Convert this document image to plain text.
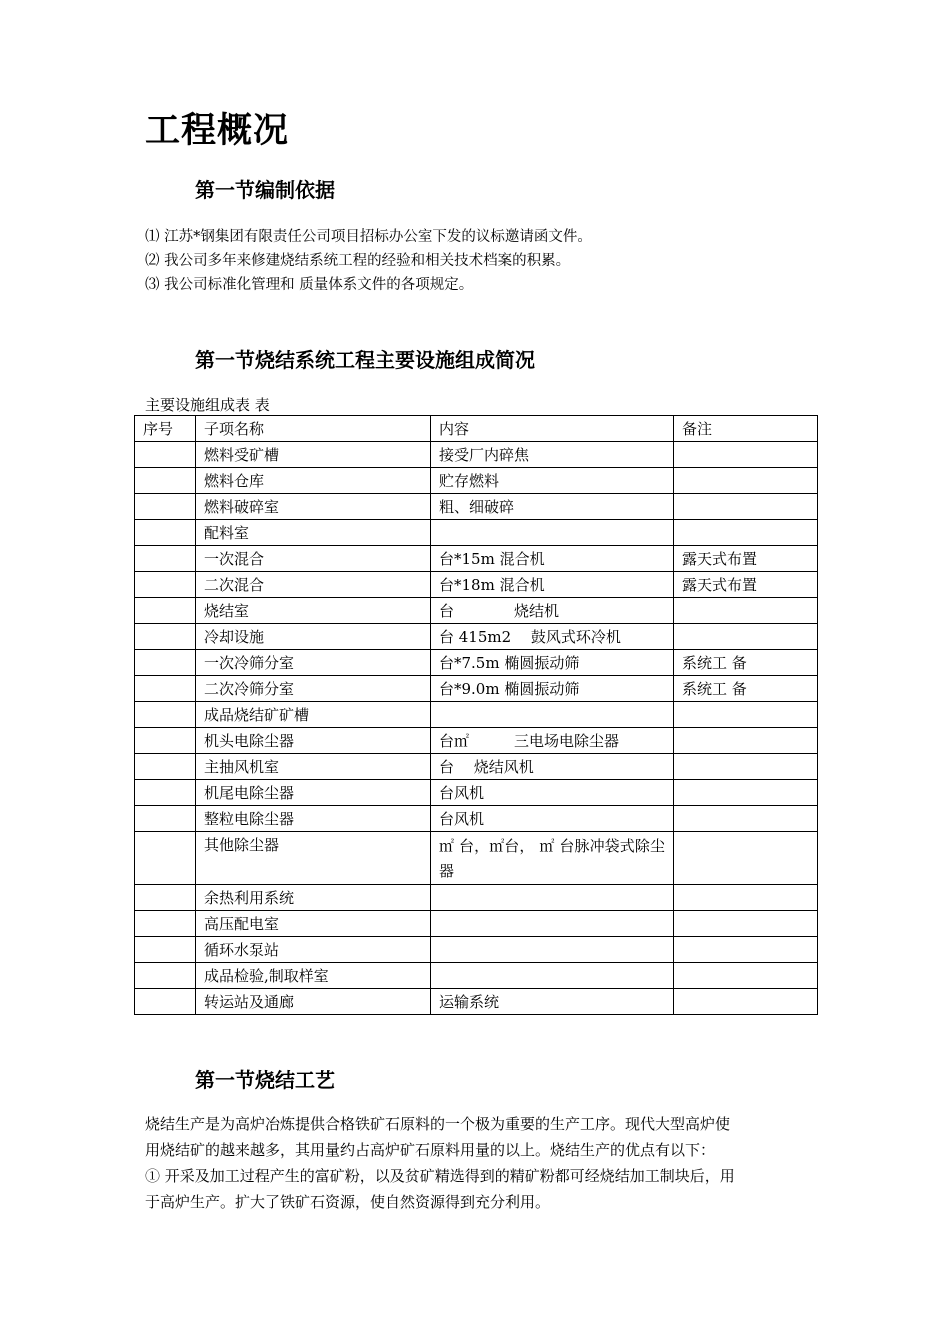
工程概况
第一节编制依据
⑴ 江苏*钢集团有限责任公司项目招标办公室下发的议标邀请函文件。
⑵ 我公司多年来修建烧结系统工程的经验和相关技术档案的积累。
⑶ 我公司标准化管理和 质量体系文件的各项规定。
第一节烧结系统工程主要设施组成简况
主要设施组成表 表
序号	子项名称	内容	备注
	燃料受矿槽	接受厂内碎焦	
	燃料仓库	贮存燃料	
	燃料破碎室	粗、细破碎	
	配料室		
	一次混合	台*15m 混合机	露天式布置
	二次混合	台*18m 混合机	露天式布置
	烧结室	台　　　　烧结机	
	冷却设施	台 415m2　 鼓风式环冷机	
	一次冷筛分室	台*7.5m 椭圆振动筛	系统工 备
	二次冷筛分室	台*9.0m 椭圆振动筛	系统工 备
	成品烧结矿矿槽		
	机头电除尘器	台㎡　　　三电场电除尘器	
	主抽风机室	台　 烧结风机	
	机尾电除尘器	台风机	
	整粒电除尘器	台风机	
	其他除尘器	㎡ 台，㎡台， ㎡ 台脉冲袋式除尘器	
	余热利用系统		
	高压配电室		
	循环水泵站		
	成品检验,制取样室		
	转运站及通廊	运输系统	
第一节烧结工艺
烧结生产是为高炉冶炼提供合格铁矿石原料的一个极为重要的生产工序。现代大型高炉使
用烧结矿的越来越多，其用量约占高炉矿石原料用量的以上。烧结生产的优点有以下：
① 开采及加工过程产生的富矿粉，以及贫矿精选得到的精矿粉都可经烧结加工制块后，用
于高炉生产。扩大了铁矿石资源，使自然资源得到充分利用。
